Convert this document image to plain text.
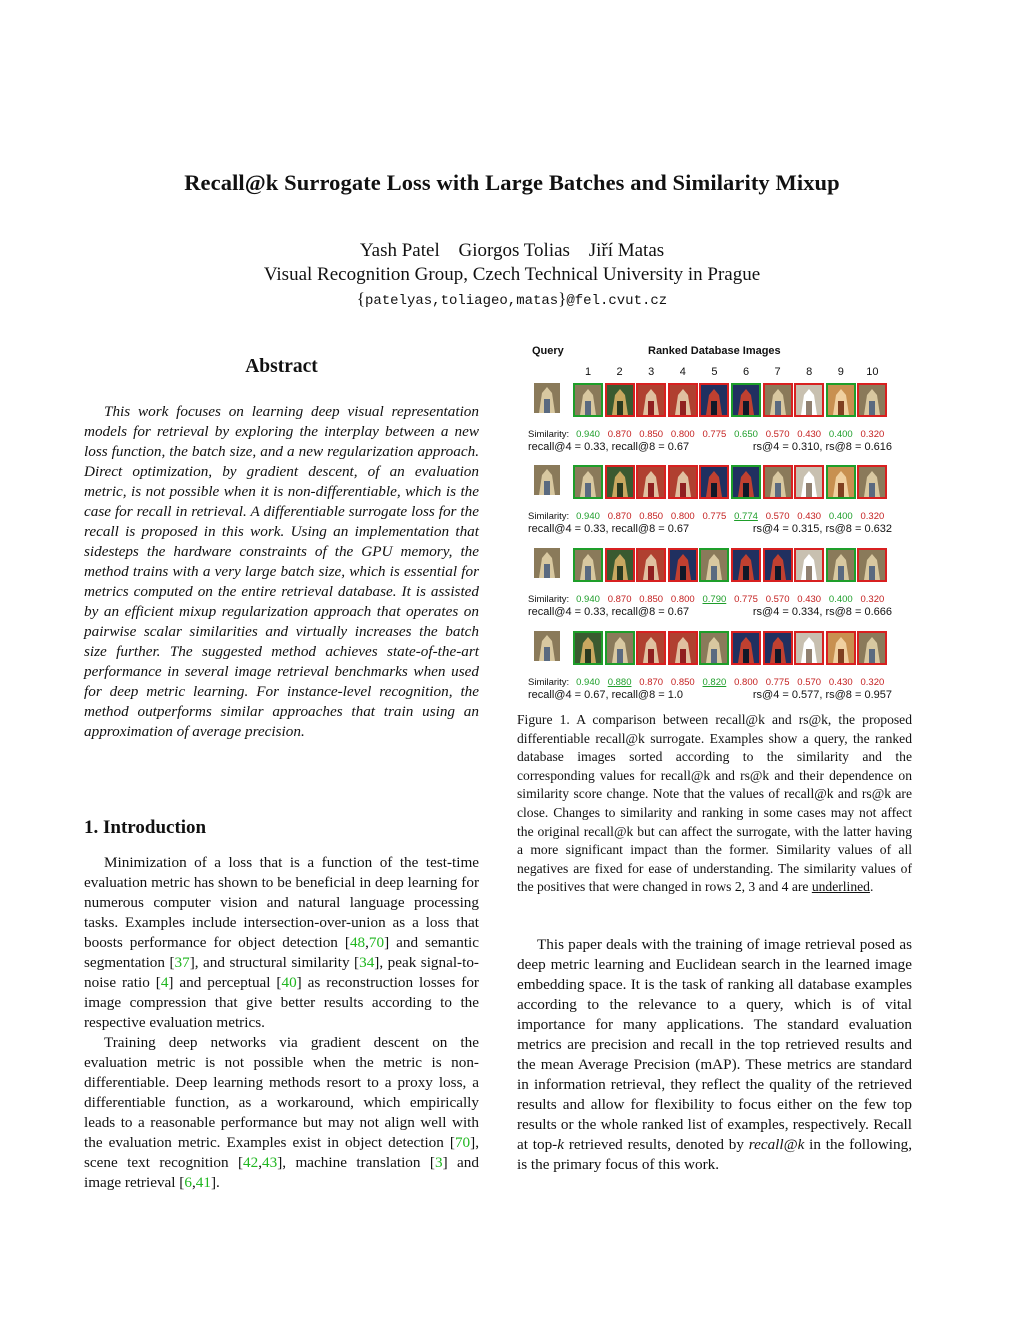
Recall@k Surrogate Loss with Large Batches and Similarity Mixup
Yash Patel Giorgos Tolias Jiří Matas
Visual Recognition Group, Czech Technical University in Prague
{patelyas,toliageo,matas}@fel.cvut.cz
Abstract

This work focuses on learning deep visual representation models for retrieval by exploring the interplay between a new loss function, the batch size, and a new regularization approach. Direct optimization, by gradient descent, of an evaluation metric, is not possible when it is non-differentiable, which is the case for recall in retrieval. A differentiable surrogate loss for the recall is proposed in this work. Using an implementation that sidesteps the hardware constraints of the GPU memory, the method trains with a very large batch size, which is essential for metrics computed on the entire retrieval database. It is assisted by an efficient mixup regularization approach that operates on pairwise scalar similarities and virtually increases the batch size further. The suggested method achieves state-of-the-art performance in several image retrieval benchmarks when used for deep metric learning. For instance-level recognition, the method outperforms similar approaches that train using an approximation of average precision.

1. Introduction

Minimization of a loss that is a function of the test-time evaluation metric has shown to be beneficial in deep learning for numerous computer vision and natural language processing tasks. Examples include intersection-over-union as a loss that boosts performance for object detection [48,70] and semantic segmentation [37], and structural similarity [34], peak signal-to-noise ratio [4] and perceptual [40] as reconstruction losses for image compression that give better results according to the respective evaluation metrics.

Training deep networks via gradient descent on the evaluation metric is not possible when the metric is non-differentiable. Deep learning methods resort to a proxy loss, a differentiable function, as a workaround, which empirically leads to a reasonable performance but may not align well with the evaluation metric. Examples exist in object detection [70], scene text recognition [42,43], machine translation [3] and image retrieval [6,41].

Query	Ranked Database Images
1	2	3	4	5	6	7	8	9	10
Similarity: 0.940 0.870 0.850 0.800 0.775 0.650 0.570 0.430 0.400 0.320
recall@4 = 0.33, recall@8 = 0.67	rs@4 = 0.310, rs@8 = 0.616
Similarity: 0.940 0.870 0.850 0.800 0.775 0.774 0.570 0.430 0.400 0.320
recall@4 = 0.33, recall@8 = 0.67	rs@4 = 0.315, rs@8 = 0.632
Similarity: 0.940 0.870 0.850 0.800 0.790 0.775 0.570 0.430 0.400 0.320
recall@4 = 0.33, recall@8 = 0.67	rs@4 = 0.334, rs@8 = 0.666
Similarity: 0.940 0.880 0.870 0.850 0.820 0.800 0.775 0.570 0.430 0.320
recall@4 = 0.67, recall@8 = 1.0	rs@4 = 0.577, rs@8 = 0.957

Figure 1. A comparison between recall@k and rs@k, the proposed differentiable recall@k surrogate. Examples show a query, the ranked database images sorted according to the similarity and the corresponding values for recall@k and rs@k and their dependence on similarity score change. Note that the values of recall@k and rs@k are close. Changes to similarity and ranking in some cases may not affect the original recall@k but can affect the surrogate, with the latter having a more significant impact than the former. Similarity values of all negatives are fixed for ease of understanding. The similarity values of the positives that were changed in rows 2, 3 and 4 are underlined.

This paper deals with the training of image retrieval posed as deep metric learning and Euclidean search in the learned image embedding space. It is the task of ranking all database examples according to the relevance to a query, which is of vital importance for many applications. The standard evaluation metrics are precision and recall in the top retrieved results and the mean Average Precision (mAP). These metrics are standard in information retrieval, they reflect the quality of the retrieved results and allow for flexibility to focus either on the few top results or the whole ranked list of examples, respectively. Recall at top-k retrieved results, denoted by recall@k in the following, is the primary focus of this work.
